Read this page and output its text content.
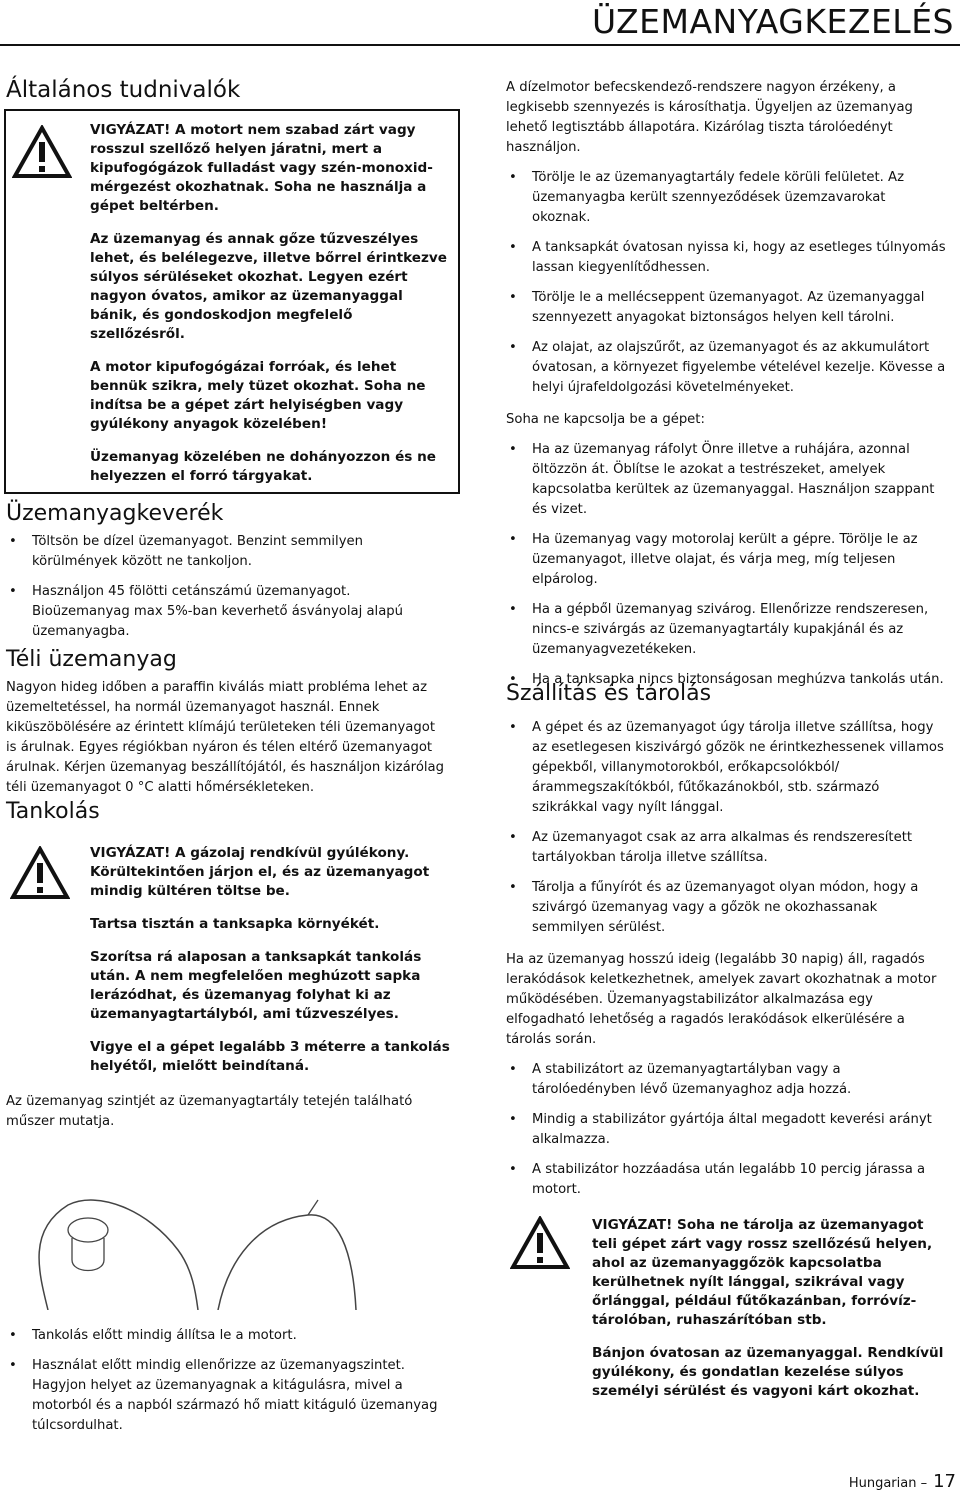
ÜZEMANYAGKEZELÉS
Általános tudnivalók

VIGYÁZAT! A motort nem szabad zárt vagy rosszul szellőző helyen járatni, mert a kipufogógázok fulladást vagy szén-monoxid-mérgezést okozhatnak. Soha ne használja a gépet beltérben.

Az üzemanyag és annak gőze tűzveszélyes lehet, és belélegezve, illetve bőrrel érintkezve súlyos sérüléseket okozhat. Legyen ezért nagyon óvatos, amikor az üzemanyaggal bánik, és gondoskodjon megfelelő szellőzésről.

A motor kipufogógázai forróak, és lehet bennük szikra, mely tüzet okozhat. Soha ne indítsa be a gépet zárt helyiségben vagy gyúlékony anyagok közelében!

Üzemanyag közelében ne dohányozzon és ne helyezzen el forró tárgyakat.

Üzemanyagkeverék
• Töltsön be dízel üzemanyagot. Benzint semmilyen körülmények között ne tankoljon.
• Használjon 45 fölötti cetánszámú üzemanyagot. Bioüzemanyag max 5%-ban keverhető ásványolaj alapú üzemanyagba.
Téli üzemanyag

Nagyon hideg időben a paraffin kiválás miatt probléma lehet az üzemeltetéssel, ha normál üzemanyagot használ. Ennek kiküszöbölésére az érintett klímájú területeken téli üzemanyagot is árulnak. Egyes régiókban nyáron és télen eltérő üzemanyagot árulnak. Kérjen üzemanyag beszállítójától, és használjon kizárólag téli üzemanyagot 0 °C alatti hőmérsékleteken.

Tankolás

VIGYÁZAT! A gázolaj rendkívül gyúlékony. Körültekintően járjon el, és az üzemanyagot mindig kültéren töltse be.

Tartsa tisztán a tanksapka környékét.

Szorítsa rá alaposan a tanksapkát tankolás után. A nem megfelelően meghúzott sapka lerázódhat, és üzemanyag folyhat ki az üzemanyagtartályból, ami tűzveszélyes.

Vigye el a gépet legalább 3 méterre a tankolás helyétől, mielőtt beindítaná.

Az üzemanyag szintjét az üzemanyagtartály tetején található műszer mutatja.

• Tankolás előtt mindig állítsa le a motort.
• Használat előtt mindig ellenőrizze az üzemanyagszintet. Hagyjon helyet az üzemanyagnak a kitágulásra, mivel a motorból és a napból származó hő miatt kitáguló üzemanyag túlcsordulhat.

A dízelmotor befecskendező-rendszere nagyon érzékeny, a legkisebb szennyezés is károsíthatja. Ügyeljen az üzemanyag lehető legtisztább állapotára. Kizárólag tiszta tárolóedényt használjon.

• Törölje le az üzemanyagtartály fedele körüli felületet. Az üzemanyagba került szennyeződések üzemzavarokat okoznak.
• A tanksapkát óvatosan nyissa ki, hogy az esetleges túlnyomás lassan kiegyenlítődhessen.
• Törölje le a mellécseppent üzemanyagot. Az üzemanyaggal szennyezett anyagokat biztonságos helyen kell tárolni.
• Az olajat, az olajszűrőt, az üzemanyagot és az akkumulátort óvatosan, a környezet figyelembe vételével kezelje. Kövesse a helyi újrafeldolgozási követelményeket.

Soha ne kapcsolja be a gépet:

• Ha az üzemanyag ráfolyt Önre illetve a ruhájára, azonnal öltözzön át. Öblítse le azokat a testrészeket, amelyek kapcsolatba kerültek az üzemanyaggal. Használjon szappant és vizet.
• Ha üzemanyag vagy motorolaj került a gépre. Törölje le az üzemanyagot, illetve olajat, és várja meg, míg teljesen elpárolog.
• Ha a gépből üzemanyag szivárog. Ellenőrizze rendszeresen, nincs-e szivárgás az üzemanyagtartály kupakjánál és az üzemanyagvezetékeken.
• Ha a tanksapka nincs biztonságosan meghúzva tankolás után.
Szállítás és tárolás
• A gépet és az üzemanyagot úgy tárolja illetve szállítsa, hogy az esetlegesen kiszivárgó gőzök ne érintkezhessenek villamos gépekből, villanymotorokból, erőkapcsolókból/árammegszakítókból, fűtőkazánokból, stb. származó szikrákkal vagy nyílt lánggal.
• Az üzemanyagot csak az arra alkalmas és rendszeresített tartályokban tárolja illetve szállítsa.
• Tárolja a fűnyírót és az üzemanyagot olyan módon, hogy a szivárgó üzemanyag vagy a gőzök ne okozhassanak semmilyen sérülést.

Ha az üzemanyag hosszú ideig (legalább 30 napig) áll, ragadós lerakódások keletkezhetnek, amelyek zavart okozhatnak a motor működésében. Üzemanyagstabilizátor alkalmazása egy elfogadható lehetőség a ragadós lerakódások elkerülésére a tárolás során.

• A stabilizátort az üzemanyagtartályban vagy a tárolóedényben lévő üzemanyaghoz adja hozzá.
• Mindig a stabilizátor gyártója által megadott keverési arányt alkalmazza.
• A stabilizátor hozzáadása után legalább 10 percig járassa a motort.

VIGYÁZAT! Soha ne tárolja az üzemanyagot teli gépet zárt vagy rossz szellőzésű helyen, ahol az üzemanyaggőzök kapcsolatba kerülhetnek nyílt lánggal, szikrával vagy őrlánggal, például fűtőkazánban, forróvíz-tárolóban, ruhaszárítóban stb.

Bánjon óvatosan az üzemanyaggal. Rendkívül gyúlékony, és gondatlan kezelése súlyos személyi sérülést és vagyoni kárt okozhat.

Hungarian – 17
